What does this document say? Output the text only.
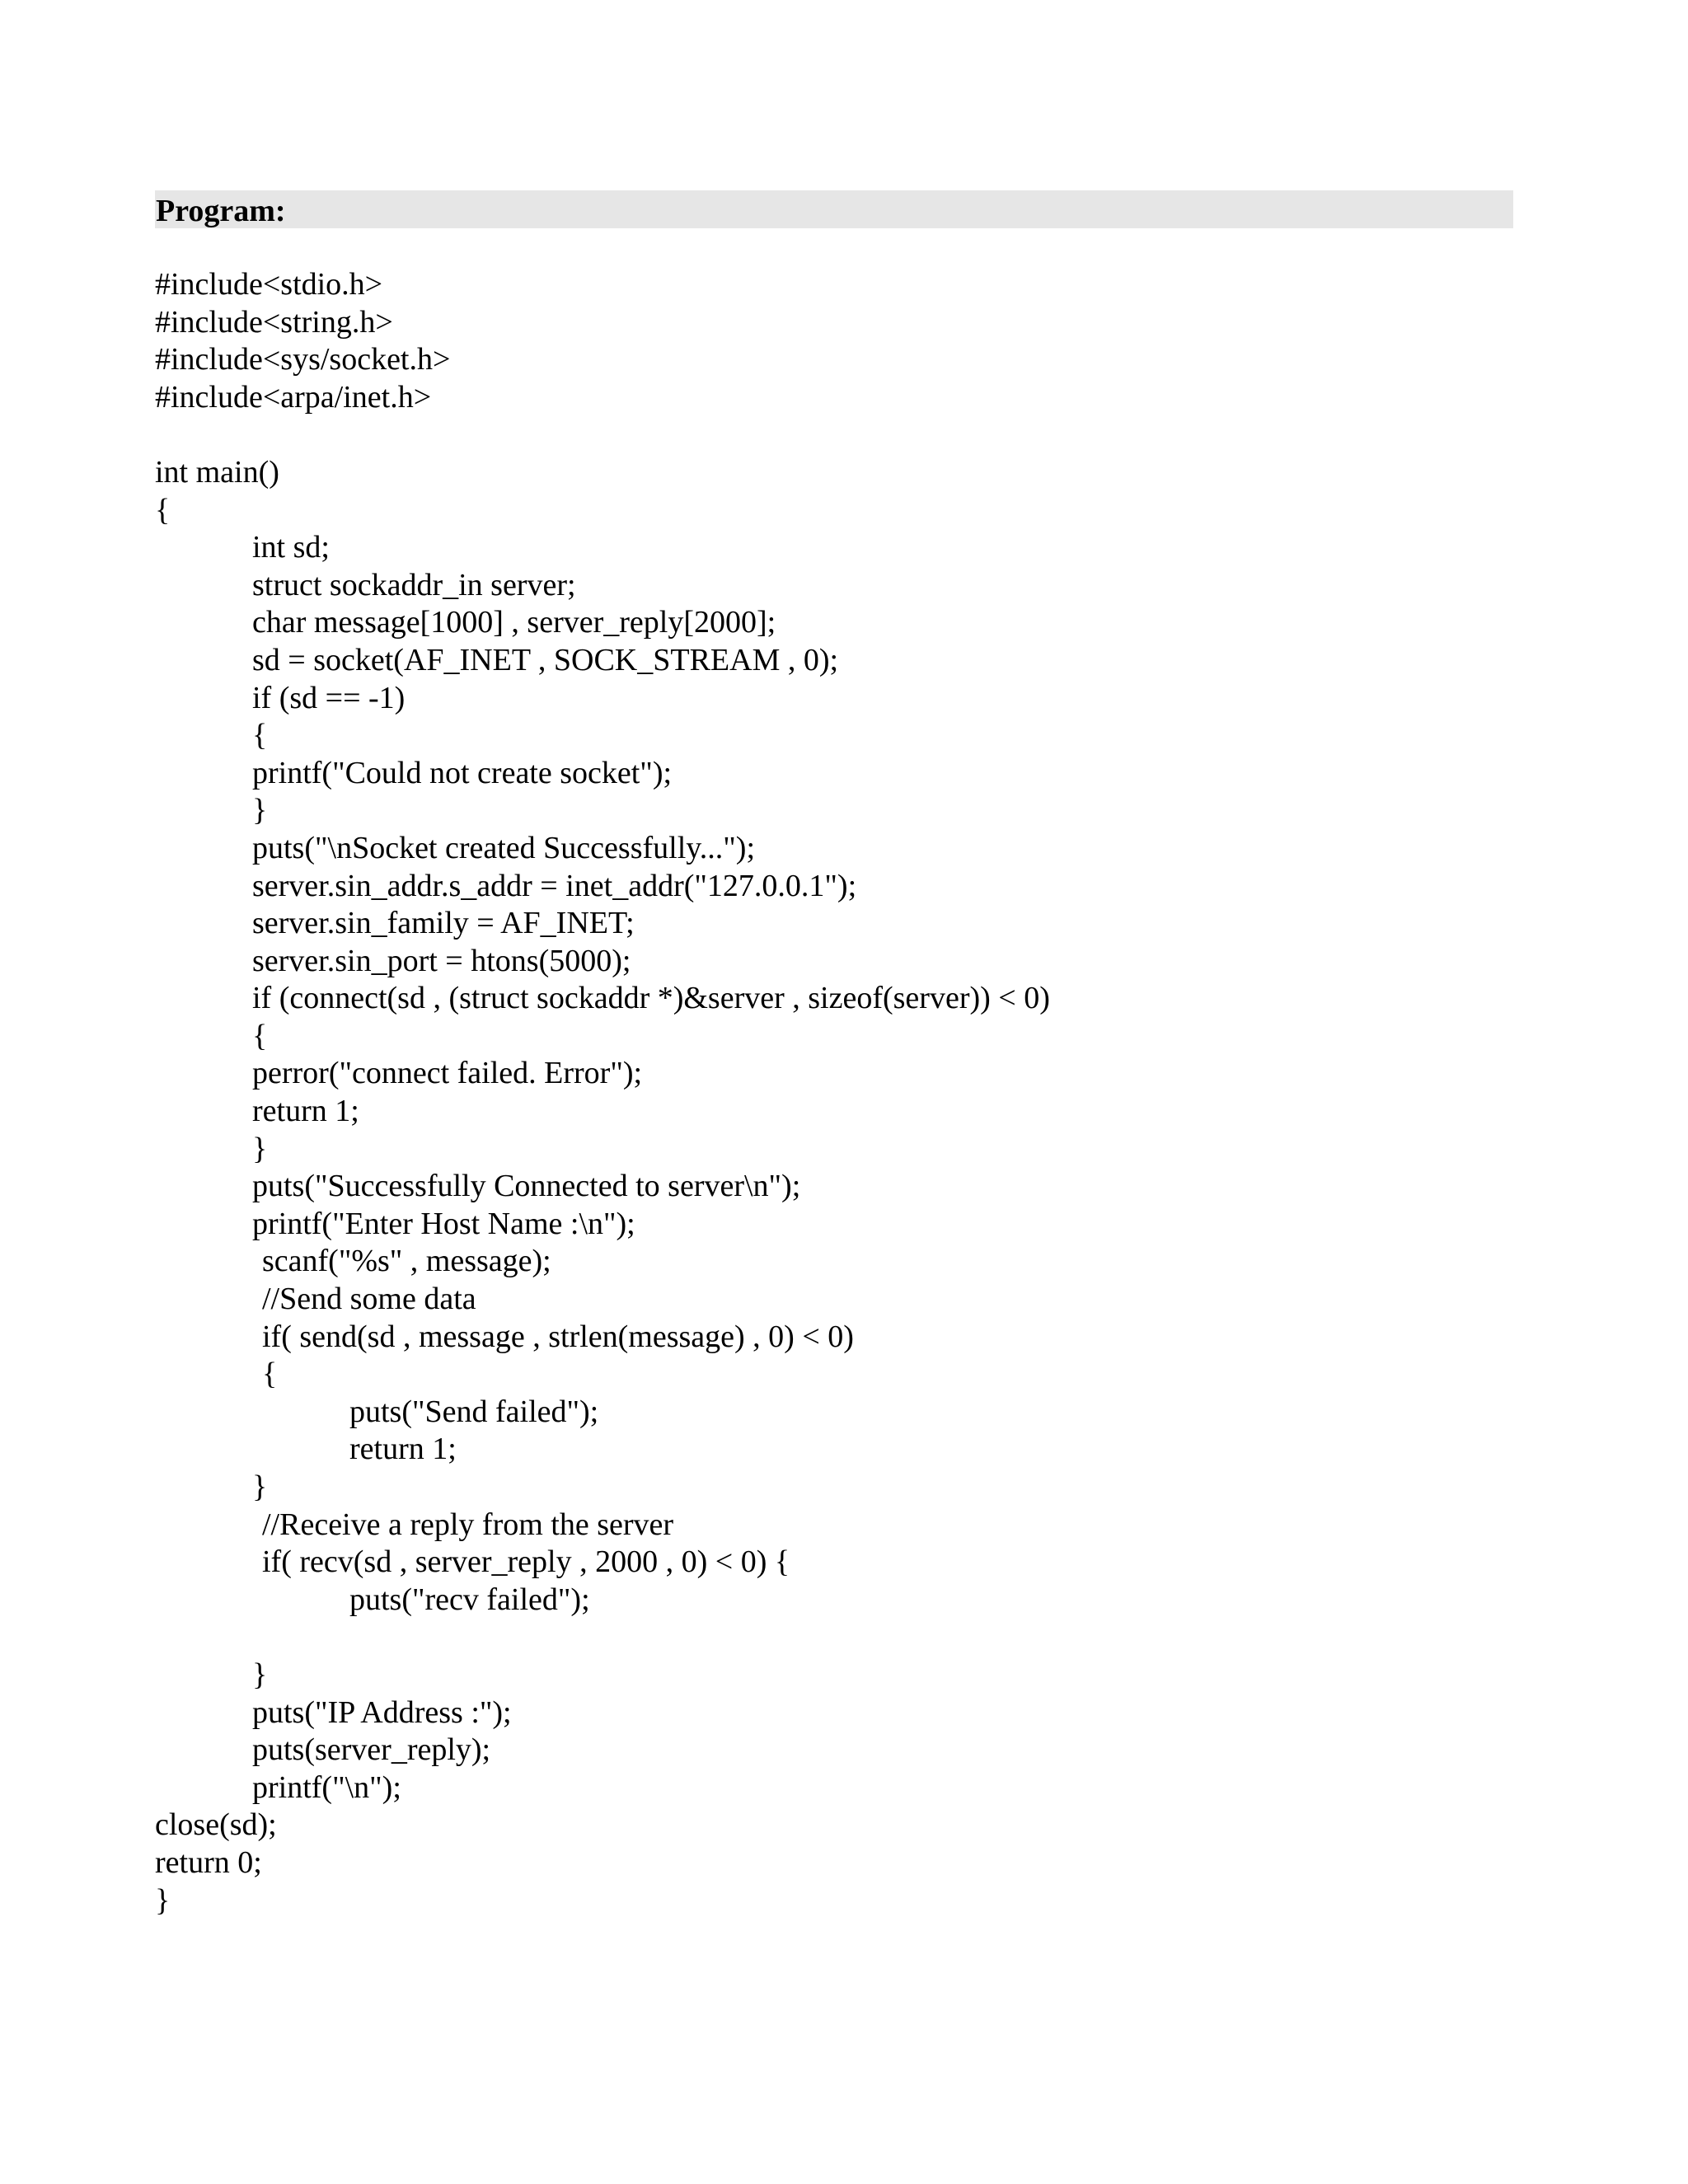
Program:
#include<stdio.h>
#include<string.h>
#include<sys/socket.h>
#include<arpa/inet.h>
int main()
{
int sd;
struct sockaddr_in server;
char message[1000] , server_reply[2000];
sd = socket(AF_INET , SOCK_STREAM , 0);
if (sd == -1)
{
printf("Could not create socket");
}
puts("\nSocket created Successfully...");
server.sin_addr.s_addr = inet_addr("127.0.0.1");
server.sin_family = AF_INET;
server.sin_port = htons(5000);
if (connect(sd , (struct sockaddr *)&server , sizeof(server)) < 0)
{
perror("connect failed. Error");
return 1;
}
puts("Successfully Connected to server\n");
printf("Enter Host Name :\n");
scanf("%s" , message);
//Send some data
if( send(sd , message , strlen(message) , 0) < 0)
{
puts("Send failed");
return 1;
}
//Receive a reply from the server
if( recv(sd , server_reply , 2000 , 0) < 0) {
puts("recv failed");
}
puts("IP Address :");
puts(server_reply);
printf("\n");
close(sd);
return 0;
}
